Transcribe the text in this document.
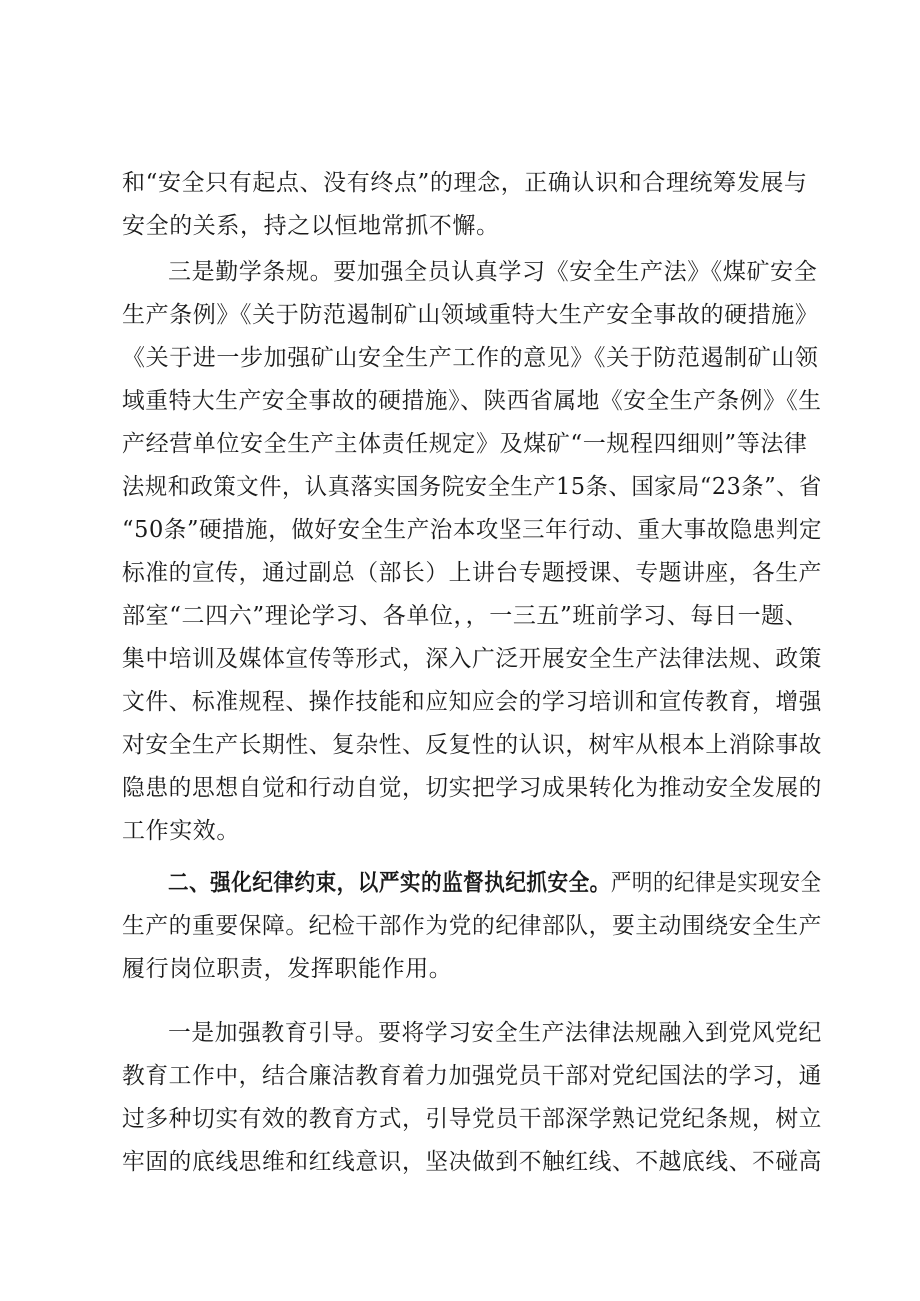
和“安全只有起点、没有终点”的理念，正确认识和合理统筹发展与
安全的关系，持之以恒地常抓不懈。
三是勤学条规。要加强全员认真学习《安全生产法》《煤矿安全
生产条例》《关于防范遏制矿山领域重特大生产安全事故的硬措施》
《关于进一步加强矿山安全生产工作的意见》《关于防范遏制矿山领
域重特大生产安全事故的硬措施》、陕西省属地《安全生产条例》《生
产经营单位安全生产主体责任规定》及煤矿“一规程四细则”等法律
法规和政策文件，认真落实国务院安全生产15条、国家局“23条”、省
“50条”硬措施，做好安全生产治本攻坚三年行动、重大事故隐患判定
标准的宣传，通过副总（部长）上讲台专题授课、专题讲座，各生产
部室“二四六”理论学习、各单位，，一三五”班前学习、每日一题、
集中培训及媒体宣传等形式，深入广泛开展安全生产法律法规、政策
文件、标准规程、操作技能和应知应会的学习培训和宣传教育，增强
对安全生产长期性、复杂性、反复性的认识，树牢从根本上消除事故
隐患的思想自觉和行动自觉，切实把学习成果转化为推动安全发展的
工作实效。
二、强化纪律约束，以严实的监督执纪抓安全。严明的纪律是实现安全
生产的重要保障。纪检干部作为党的纪律部队，要主动围绕安全生产
履行岗位职责，发挥职能作用。
一是加强教育引导。要将学习安全生产法律法规融入到党风党纪
教育工作中，结合廉洁教育着力加强党员干部对党纪国法的学习，通
过多种切实有效的教育方式，引导党员干部深学熟记党纪条规，树立
牢固的底线思维和红线意识，坚决做到不触红线、不越底线、不碰高
